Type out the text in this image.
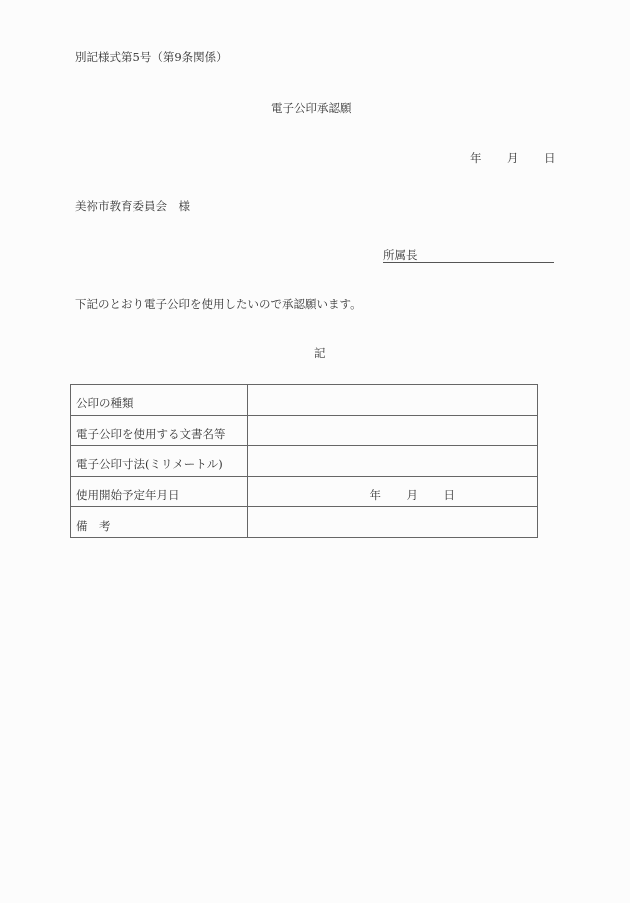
別記様式第5号（第9条関係）
電子公印承認願
年 月 日
美祢市教育委員会　様
所属長
下記のとおり電子公印を使用したいので承認願います。
記
公印の種類	
電子公印を使用する文書名等	
電子公印寸法(ミリメートル)	
使用開始予定年月日	年 月 日
備　考	
